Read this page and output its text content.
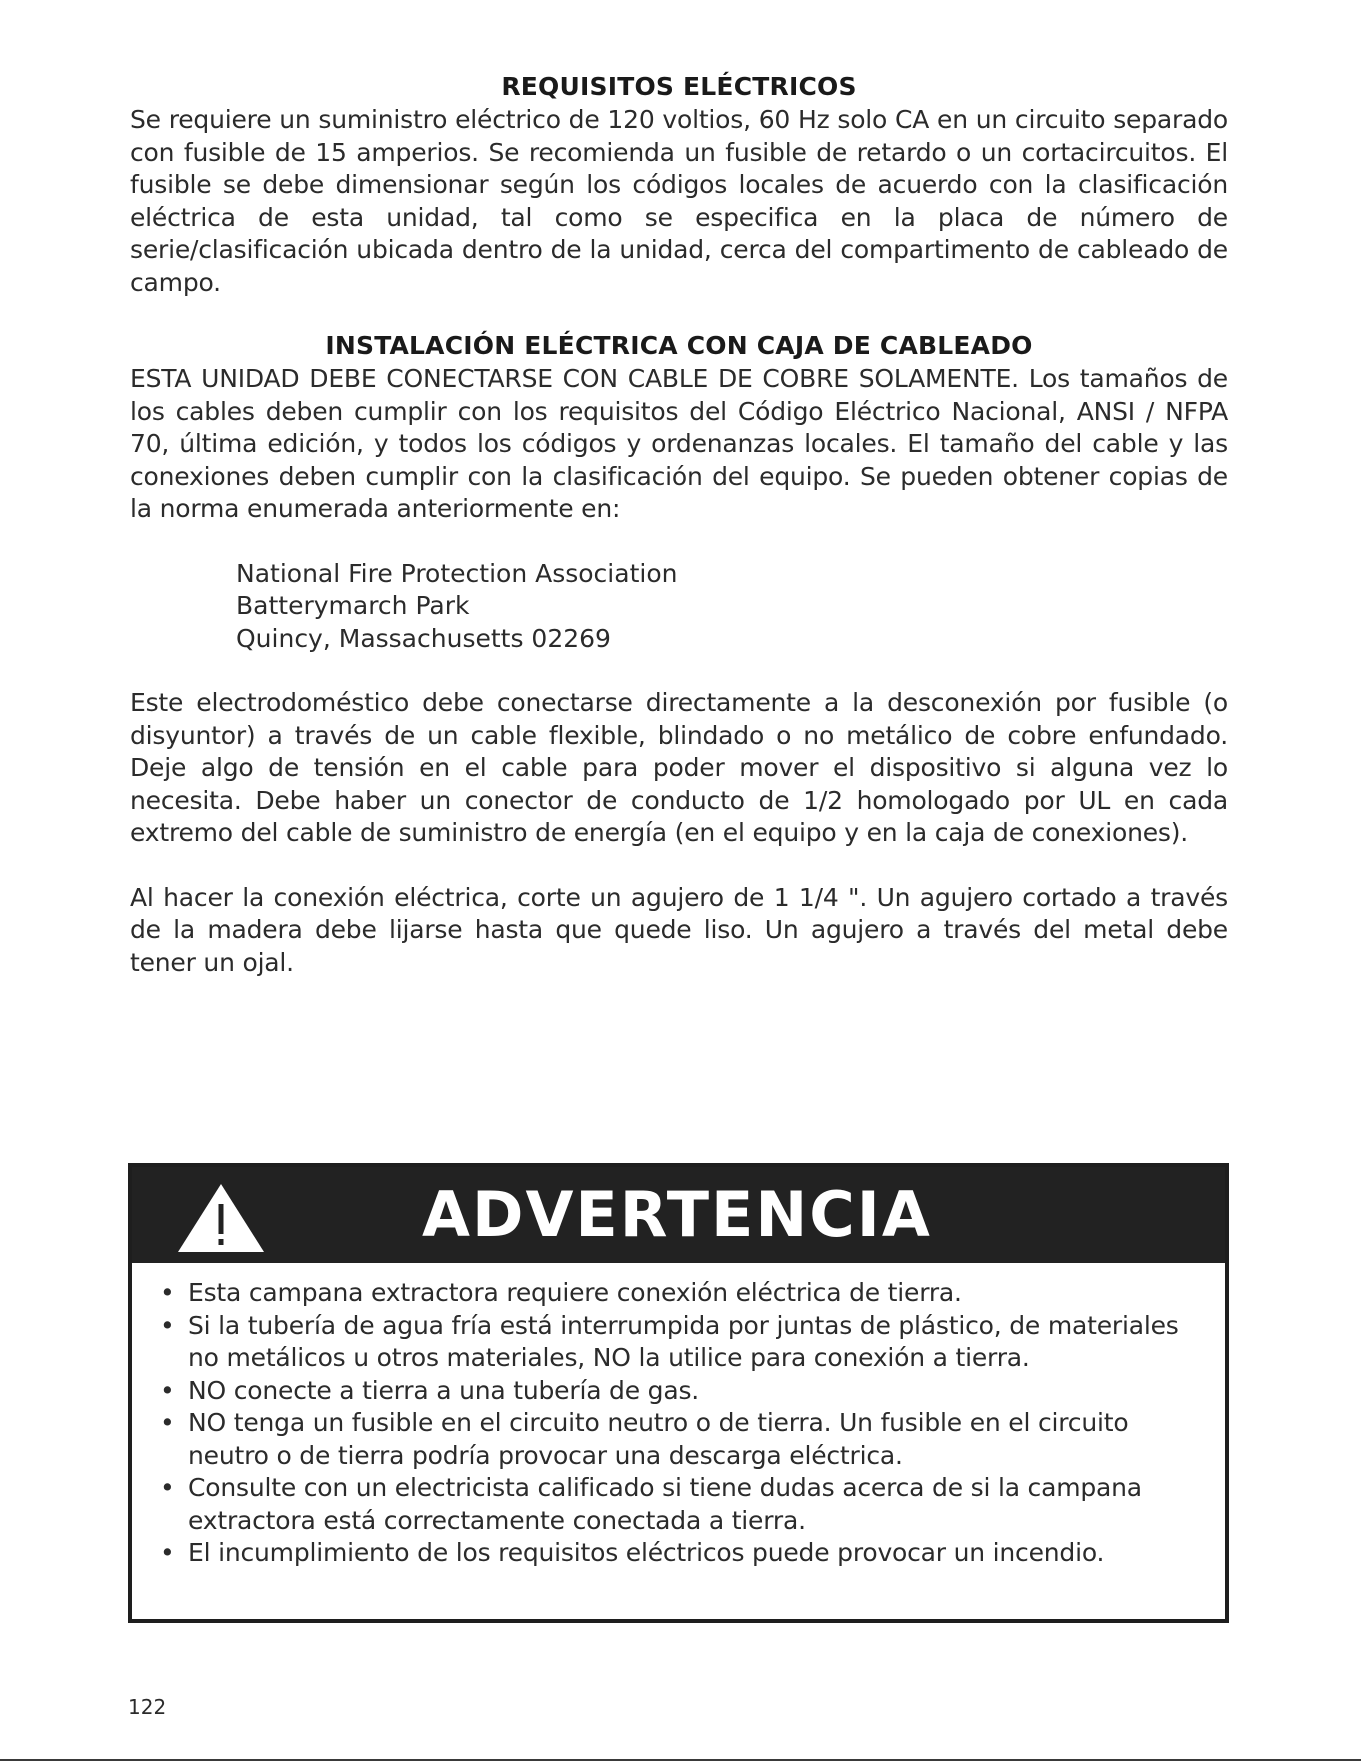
REQUISITOS ELÉCTRICOS

Se requiere un suministro eléctrico de 120 voltios, 60 Hz solo CA en un circuito separado con fusible de 15 amperios. Se recomienda un fusible de retardo o un cortacircuitos. El fusible se debe dimensionar según los códigos locales de acuerdo con la clasificación eléctrica de esta unidad, tal como se especifica en la placa de número de serie/clasificación ubicada dentro de la unidad, cerca del compartimento de cableado de campo.

INSTALACIÓN ELÉCTRICA CON CAJA DE CABLEADO

ESTA UNIDAD DEBE CONECTARSE CON CABLE DE COBRE SOLAMENTE. Los tamaños de los cables deben cumplir con los requisitos del Código Eléctrico Nacional, ANSI / NFPA 70, última edición, y todos los códigos y ordenanzas locales. El tamaño del cable y las conexiones deben cumplir con la clasificación del equipo. Se pueden obtener copias de la norma enumerada anteriormente en:

National Fire Protection Association
Batterymarch Park
Quincy, Massachusetts 02269

Este electrodoméstico debe conectarse directamente a la desconexión por fusible (o disyuntor) a través de un cable flexible, blindado o no metálico de cobre enfundado. Deje algo de tensión en el cable para poder mover el dispositivo si alguna vez lo necesita. Debe haber un conector de conducto de 1/2 homologado por UL en cada extremo del cable de suministro de energía (en el equipo y en la caja de conexiones).

Al hacer la conexión eléctrica, corte un agujero de 1 1/4 ". Un agujero cortado a través de la madera debe lijarse hasta que quede liso. Un agujero a través del metal debe tener un ojal.

ADVERTENCIA
• Esta campana extractora requiere conexión eléctrica de tierra.
• Si la tubería de agua fría está interrumpida por juntas de plástico, de materiales no metálicos u otros materiales, NO la utilice para conexión a tierra.
• NO conecte a tierra a una tubería de gas.
• NO tenga un fusible en el circuito neutro o de tierra. Un fusible en el circuito neutro o de tierra podría provocar una descarga eléctrica.
• Consulte con un electricista calificado si tiene dudas acerca de si la campana extractora está correctamente conectada a tierra.
• El incumplimiento de los requisitos eléctricos puede provocar un incendio.
122
